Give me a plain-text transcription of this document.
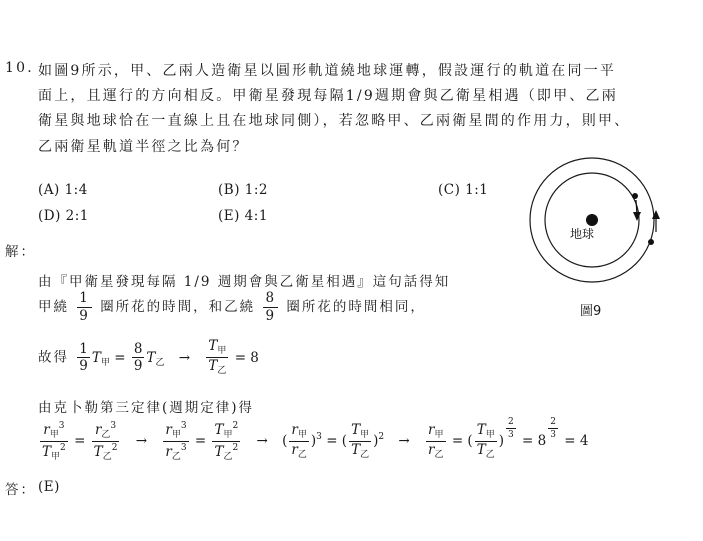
10. 如圖9所示，甲、乙兩人造衛星以圓形軌道繞地球運轉，假設運行的軌道在同一平
面上，且運行的方向相反。甲衛星發現每隔1/9週期會與乙衛星相遇（即甲、乙兩
衛星與地球恰在一直線上且在地球同側），若忽略甲、乙兩衛星間的作用力，則甲、
乙兩衛星軌道半徑之比為何？
(A) 1:4	(B) 1:2	(C) 1:1
(D) 2:1	(E) 4:1
地球
圖9
解：
由『甲衛星發現每隔 1/9 週期會與乙衛星相遇』這句話得知
甲繞 $\frac{1}{9}$ 圈所花的時間，和乙繞 $\frac{8}{9}$ 圈所花的時間相同，
故得 $\frac{1}{9} T_甲 = \frac{8}{9} T_乙 \to \frac{T_甲}{T_乙} = 8$
由克卜勒第三定律(週期定律)得
$\frac{r_甲^3}{T_甲^2} = \frac{r_乙^3}{T_乙^2} \to \frac{r_甲^3}{r_乙^3} = \frac{T_甲^2}{T_乙^2}$ → ( $\frac{r_甲}{r_乙} )^3$ = ( $\frac{T_甲}{T_乙} )^2 \to \frac{r_甲}{r_乙}$ = ( $\frac{T_甲}{T_乙}$ )
$\frac{2}{3}$
= 8
$\frac{2}{3}$
= 4
答： (E)
